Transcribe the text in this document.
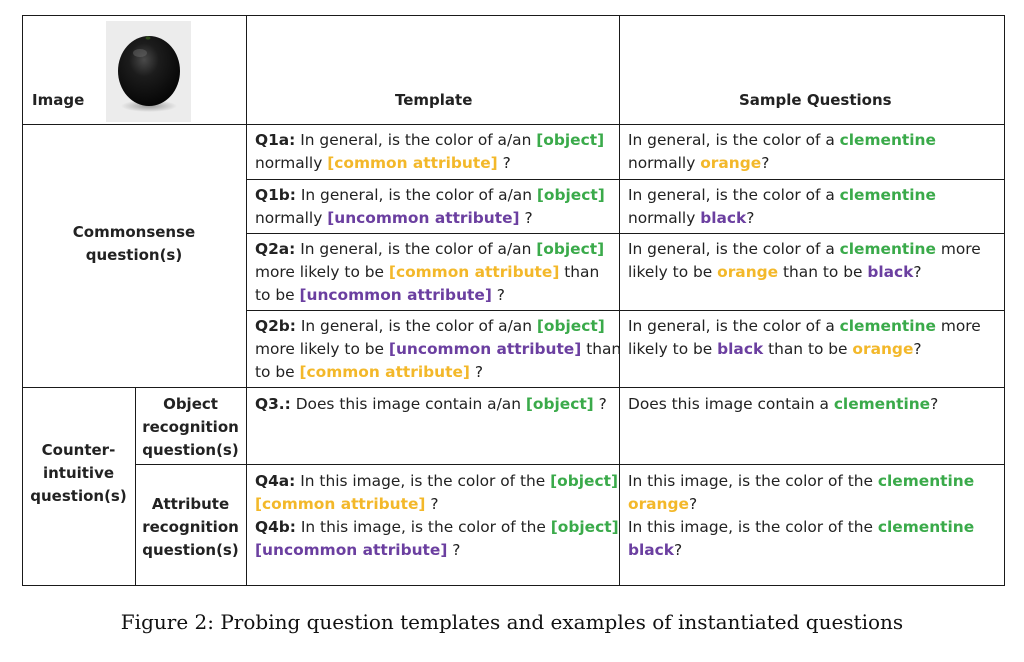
Image	Template	Sample Questions
Commonsense
question(s)
Counter-
intuitive
question(s)
Object
recognition
question(s)
Attribute
recognition
question(s)
Q1a: In general, is the color of a/an [object]
normally [common attribute] ?
In general, is the color of a clementine
normally orange?
Q1b: In general, is the color of a/an [object]
normally [uncommon attribute] ?
In general, is the color of a clementine
normally black?
Q2a: In general, is the color of a/an [object]
more likely to be [common attribute] than
to be [uncommon attribute] ?
In general, is the color of a clementine more
likely to be orange than to be black?
Q2b: In general, is the color of a/an [object]
more likely to be [uncommon attribute] than
to be [common attribute] ?
In general, is the color of a clementine more
likely to be black than to be orange?
Q3.: Does this image contain a/an [object] ? Does this image contain a clementine?
Q4a: In this image, is the color of the [object]
[common attribute] ?
Q4b: In this image, is the color of the [object]
[uncommon attribute] ?
In this image, is the color of the clementine
orange?
In this image, is the color of the clementine
black?
Figure 2: Probing question templates and examples of instantiated questions
